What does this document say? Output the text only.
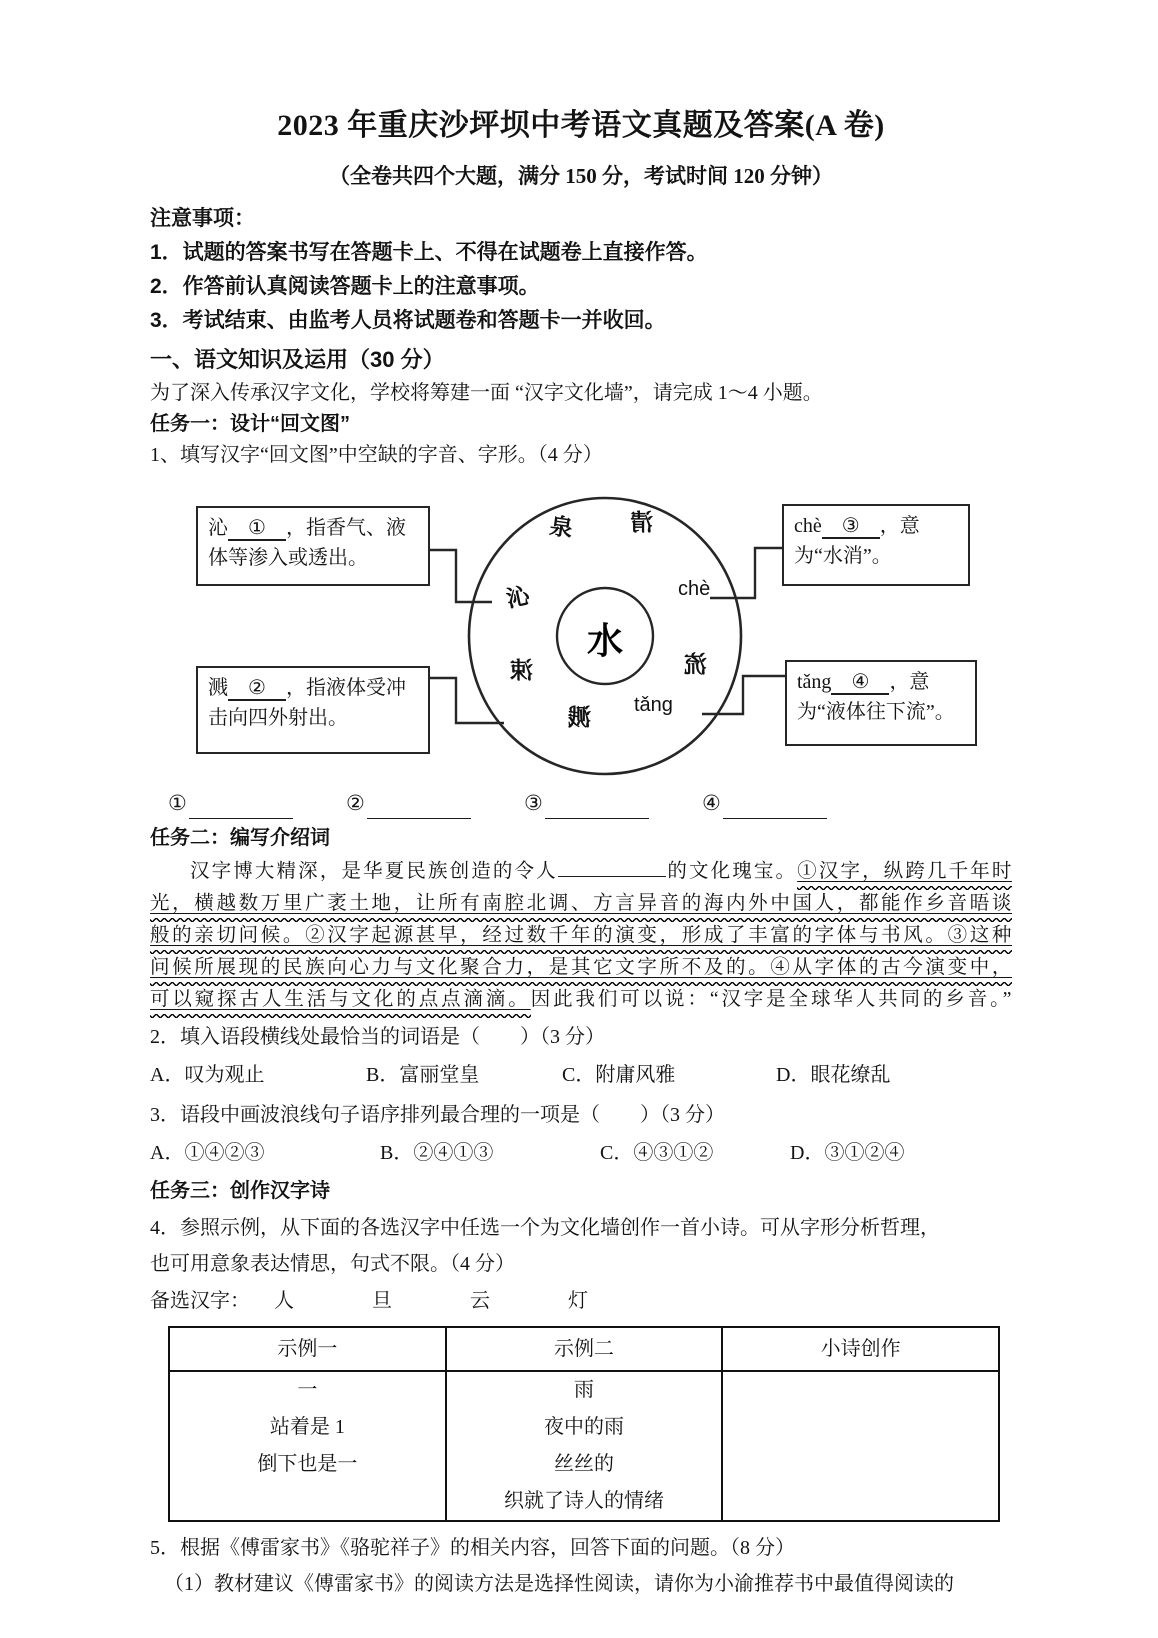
2023 年重庆沙坪坝中考语文真题及答案(A 卷)
（全卷共四个大题，满分 150 分，考试时间 120 分钟）
注意事项：
1．试题的答案书写在答题卡上、不得在试题卷上直接作答。
2．作答前认真阅读答题卡上的注意事项。
3．考试结束、由监考人员将试题卷和答题卡一并收回。
一、语文知识及运用（30 分）
为了深入传承汉字文化，学校将筹建一面 “汉字文化墙”，请完成 1～4 小题。
任务一：设计“回文图”
1、填写汉字“回文图”中空缺的字音、字形。（4 分）
沁 ① ，指香气、液体等渗入或透出。
溅 ② ，指液体受冲击向四外射出。
chè ③ ，意为“水消”。
tǎng ④ ，意为“液体往下流”。
泉 清
沁	chè
涑	流
溅 tǎng
水
①	②	③	④
任务二：编写介绍词
汉字博大精深，是华夏民族创造的令人	的文化瑰宝。①汉字，纵跨几千年时
光，横越数万里广袤土地，让所有南腔北调、方言异音的海内外中国人，都能作乡音晤谈
般的亲切问候。②汉字起源甚早，经过数千年的演变，形成了丰富的字体与书风。③这种
问候所展现的民族向心力与文化聚合力，是其它文字所不及的。④从字体的古今演变中，
可以窥探古人生活与文化的点点滴滴。因此我们可以说：“汉字是全球华人共同的乡音。”
2．填入语段横线处最恰当的词语是（　　）（3 分）
A．叹为观止	B．富丽堂皇	C．附庸风雅	D．眼花缭乱
3．语段中画波浪线句子语序排列最合理的一项是（　　）（3 分）
A．①④②③	B．②④①③	C．④③①②	D．③①②④
任务三：创作汉字诗
4．参照示例，从下面的各选汉字中任选一个为文化墙创作一首小诗。可从字形分析哲理，
也可用意象表达情思，句式不限。（4 分）
备选汉字： 人	旦	云	灯
示例一	示例二	小诗创作

一
站着是 1
倒下也是一

雨
夜中的雨
丝丝的
织就了诗人的情绪

5．根据《傅雷家书》《骆驼祥子》的相关内容，回答下面的问题。（8 分）
（1）教材建议《傅雷家书》的阅读方法是选择性阅读，请你为小渝推荐书中最值得阅读的
